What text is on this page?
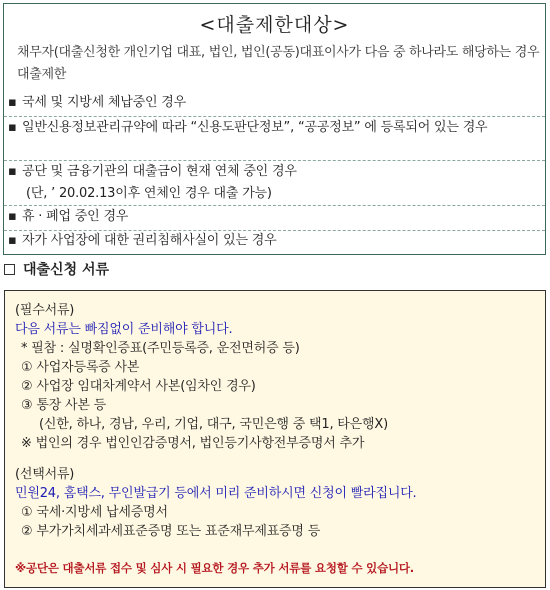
<대출제한대상>
채무자(대출신청한 개인기업 대표, 법인, 법인(공동)대표이사가 다음 중 하나라도 해당하는 경우 대출제한
▪ 국세 및 지방세 체납중인 경우
▪ 일반신용정보관리규약에 따라 “신용도판단정보”, “공공정보” 에 등록되어 있는 경우
▪ 공단 및 금융기관의 대출금이 현재 연체 중인 경우
(단, ’ 20.02.13이후 연체인 경우 대출 가능)
▪ 휴 · 폐업 중인 경우
▪ 자가 사업장에 대한 권리침해사실이 있는 경우
대출신청 서류
(필수서류)
다음 서류는 빠짐없이 준비해야 합니다.
* 필참 : 실명확인증표(주민등록증, 운전면허증 등)
① 사업자등록증 사본
② 사업장 임대차계약서 사본(임차인 경우)
③ 통장 사본 등
(신한, 하나, 경남, 우리, 기업, 대구, 국민은행 중 택1, 타은행X)
※ 법인의 경우 법인인감증명서, 법인등기사항전부증명서 추가
(선택서류)
민원24, 홈택스, 무인발급기 등에서 미리 준비하시면 신청이 빨라집니다.
① 국세·지방세 납세증명서
② 부가가치세과세표준증명 또는 표준재무제표증명 등
※공단은 대출서류 접수 및 심사 시 필요한 경우 추가 서류를 요청할 수 있습니다.
